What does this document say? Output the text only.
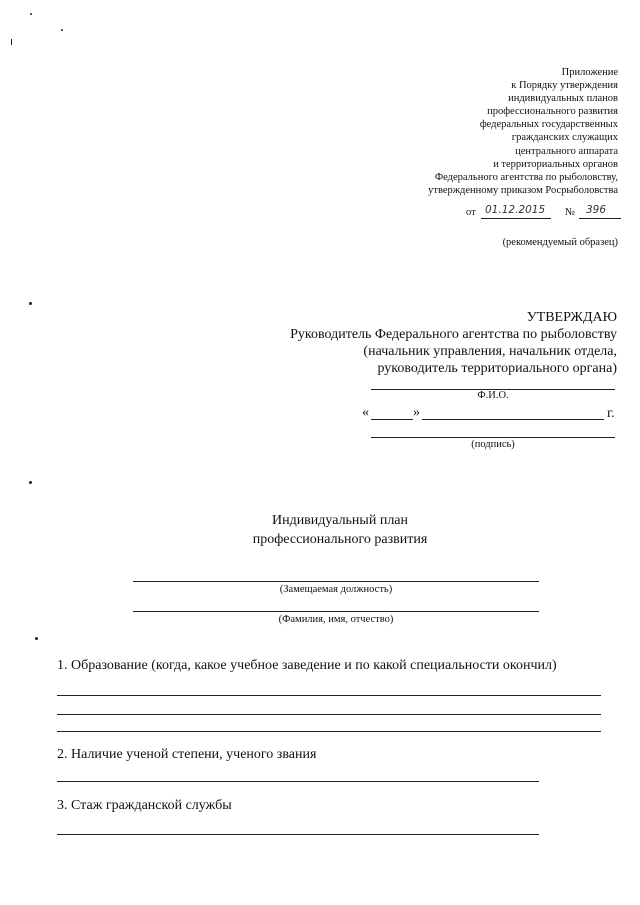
Приложение
к Порядку утверждения
индивидуальных планов
профессионального развития
федеральных государственных
гражданских служащих
центрального аппарата
и территориальных органов
Федерального агентства по рыболовству,
утвержденному приказом Росрыболовства
от 01.12.2015 № 396
(рекомендуемый образец)
УТВЕРЖДАЮ
Руководитель Федерального агентства по рыболовству
(начальник управления, начальник отдела,
руководитель территориального органа)
Ф.И.О.
«	»	г.
(подпись)
Индивидуальный план
профессионального развития
(Замещаемая должность)
(Фамилия, имя, отчество)
1. Образование (когда, какое учебное заведение и по какой специальности окончил)
2. Наличие ученой степени, ученого звания
3. Стаж гражданской службы
